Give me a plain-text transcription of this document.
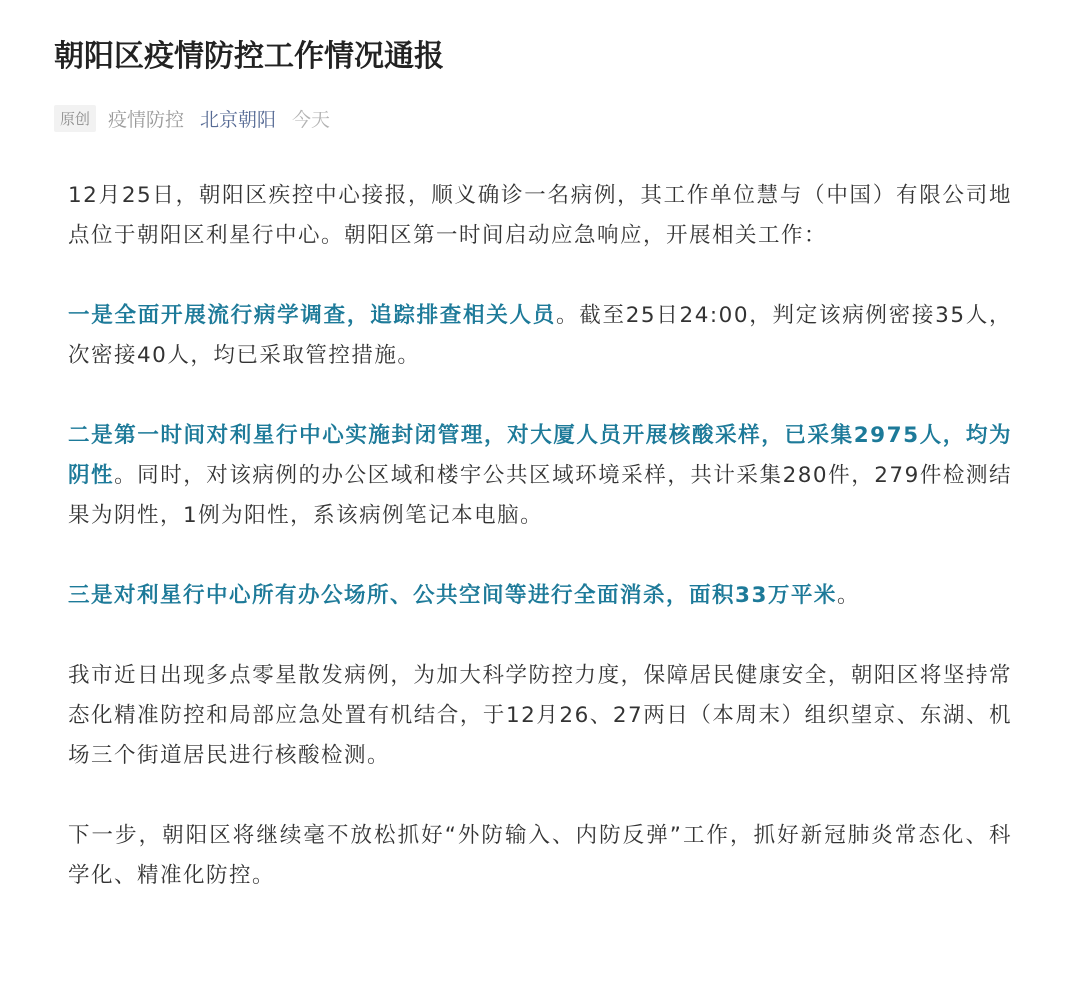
朝阳区疫情防控工作情况通报
原创 疫情防控 北京朝阳 今天

12月25日，朝阳区疾控中心接报，顺义确诊一名病例，其工作单位慧与（中国）有限公司地点位于朝阳区利星行中心。朝阳区第一时间启动应急响应，开展相关工作：

一是全面开展流行病学调查，追踪排查相关人员。截至25日24:00，判定该病例密接35人，次密接40人，均已采取管控措施。

二是第一时间对利星行中心实施封闭管理，对大厦人员开展核酸采样，已采集2975人，均为阴性。同时，对该病例的办公区域和楼宇公共区域环境采样，共计采集280件，279件检测结果为阴性，1例为阳性，系该病例笔记本电脑。

三是对利星行中心所有办公场所、公共空间等进行全面消杀，面积33万平米。

我市近日出现多点零星散发病例，为加大科学防控力度，保障居民健康安全，朝阳区将坚持常态化精准防控和局部应急处置有机结合，于12月26、27两日（本周末）组织望京、东湖、机场三个街道居民进行核酸检测。

下一步，朝阳区将继续毫不放松抓好“外防输入、内防反弹”工作，抓好新冠肺炎常态化、科学化、精准化防控。
